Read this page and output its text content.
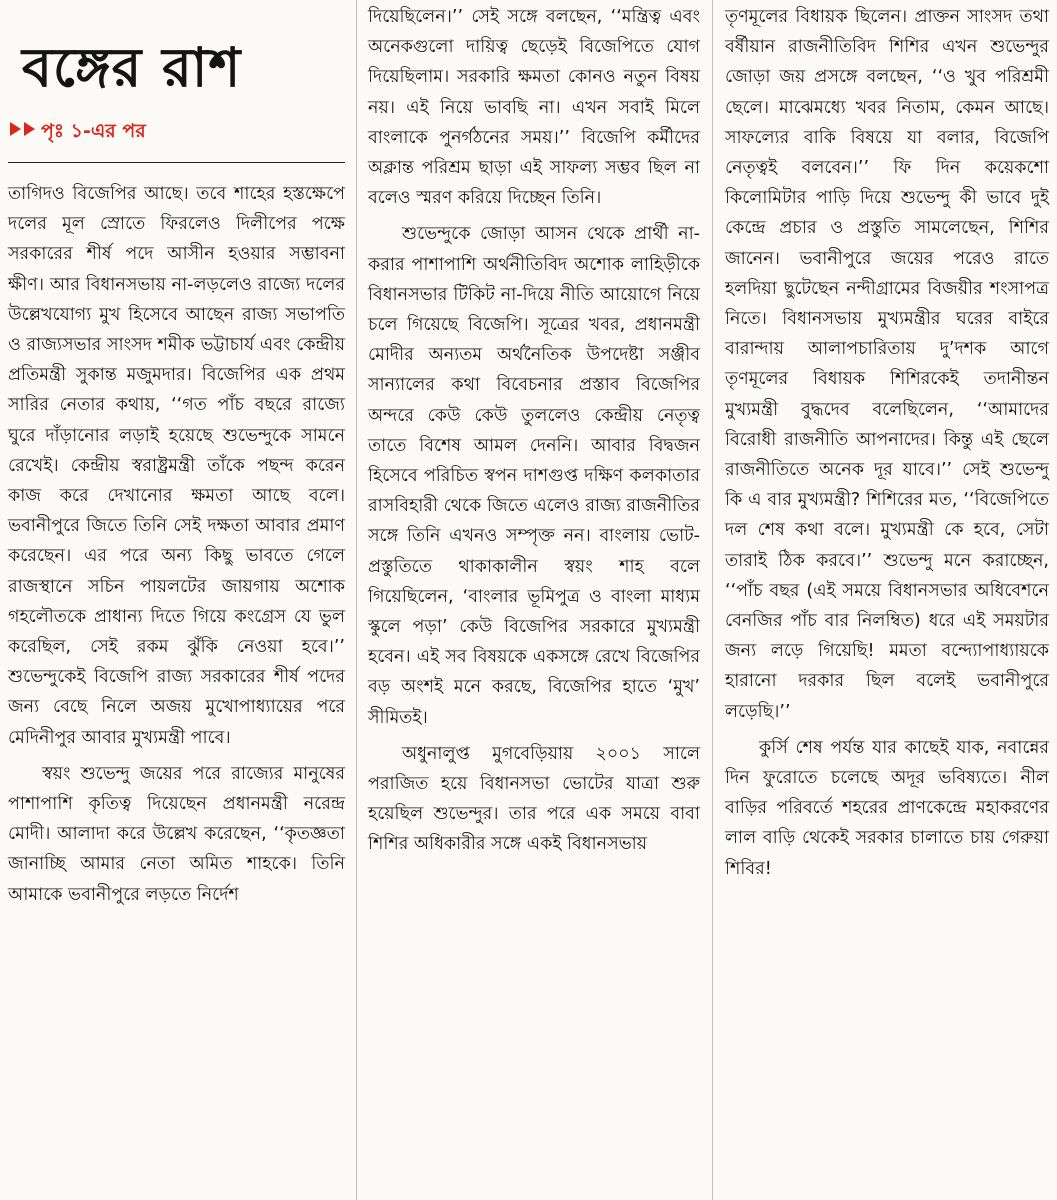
বঙ্গের রাশ
পৃঃ ১-এর পর

তাগিদও বিজেপির আছে। তবে শাহের হস্তক্ষেপে দলের মূল স্রোতে ফিরলেও দিলীপের পক্ষে সরকারের শীর্ষ পদে আসীন হওয়ার সম্ভাবনা ক্ষীণ। আর বিধানসভায় না-লড়লেও রাজ্যে দলের উল্লেখযোগ্য মুখ হিসেবে আছেন রাজ্য সভাপতি ও রাজ্যসভার সাংসদ শমীক ভট্টাচার্য এবং কেন্দ্রীয় প্রতিমন্ত্রী সুকান্ত মজুমদার। বিজেপির এক প্রথম সারির নেতার কথায়, ‘‘গত পাঁচ বছরে রাজ্যে ঘুরে দাঁড়ানোর লড়াই হয়েছে শুভেন্দুকে সামনে রেখেই। কেন্দ্রীয় স্বরাষ্ট্রমন্ত্রী তাঁকে পছন্দ করেন কাজ করে দেখানোর ক্ষমতা আছে বলে। ভবানীপুরে জিতে তিনি সেই দক্ষতা আবার প্রমাণ করেছেন। এর পরে অন্য কিছু ভাবতে গেলে রাজস্থানে সচিন পায়লটের জায়গায় অশোক গহলৌতকে প্রাধান্য দিতে গিয়ে কংগ্রেস যে ভুল করেছিল, সেই রকম ঝুঁকি নেওয়া হবে।’’ শুভেন্দুকেই বিজেপি রাজ্য সরকারের শীর্ষ পদের জন্য বেছে নিলে অজয় মুখোপাধ্যায়ের পরে মেদিনীপুর আবার মুখ্যমন্ত্রী পাবে।

স্বয়ং শুভেন্দু জয়ের পরে রাজ্যের মানুষের পাশাপাশি কৃতিত্ব দিয়েছেন প্রধানমন্ত্রী নরেন্দ্র মোদী। আলাদা করে উল্লেখ করেছেন, ‘‘কৃতজ্ঞতা জানাচ্ছি আমার নেতা অমিত শাহকে। তিনি আমাকে ভবানীপুরে লড়তে নির্দেশ

দিয়েছিলেন।’’ সেই সঙ্গে বলছেন, ‘‘মন্ত্রিত্ব এবং অনেকগুলো দায়িত্ব ছেড়েই বিজেপিতে যোগ দিয়েছিলাম। সরকারি ক্ষমতা কোনও নতুন বিষয় নয়। এই নিয়ে ভাবছি না। এখন সবাই মিলে বাংলাকে পুনর্গঠনের সময়।’’ বিজেপি কর্মীদের অক্লান্ত পরিশ্রম ছাড়া এই সাফল্য সম্ভব ছিল না বলেও স্মরণ করিয়ে দিচ্ছেন তিনি।

শুভেন্দুকে জোড়া আসন থেকে প্রার্থী না-করার পাশাপাশি অর্থনীতিবিদ অশোক লাহিড়ীকে বিধানসভার টিকিট না-দিয়ে নীতি আয়োগে নিয়ে চলে গিয়েছে বিজেপি। সূত্রের খবর, প্রধানমন্ত্রী মোদীর অন্যতম অর্থনৈতিক উপদেষ্টা সঞ্জীব সান্যালের কথা বিবেচনার প্রস্তাব বিজেপির অন্দরে কেউ কেউ তুললেও কেন্দ্রীয় নেতৃত্ব তাতে বিশেষ আমল দেননি। আবার বিদ্বজন হিসেবে পরিচিত স্বপন দাশগুপ্ত দক্ষিণ কলকাতার রাসবিহারী থেকে জিতে এলেও রাজ্য রাজনীতির সঙ্গে তিনি এখনও সম্পৃক্ত নন। বাংলায় ভোট-প্রস্তুতিতে থাকাকালীন স্বয়ং শাহ বলে গিয়েছিলেন, ‘বাংলার ভূমিপুত্র ও বাংলা মাধ্যম স্কুলে পড়া’ কেউ বিজেপির সরকারে মুখ্যমন্ত্রী হবেন। এই সব বিষয়কে একসঙ্গে রেখে বিজেপির বড় অংশই মনে করছে, বিজেপির হাতে ‘মুখ’ সীমিতই।

অধুনালুপ্ত মুগবেড়িয়ায় ২০০১ সালে পরাজিত হয়ে বিধানসভা ভোটের যাত্রা শুরু হয়েছিল শুভেন্দুর। তার পরে এক সময়ে বাবা শিশির অধিকারীর সঙ্গে একই বিধানসভায়

তৃণমূলের বিধায়ক ছিলেন। প্রাক্তন সাংসদ তথা বর্ষীয়ান রাজনীতিবিদ শিশির এখন শুভেন্দুর জোড়া জয় প্রসঙ্গে বলছেন, ‘‘ও খুব পরিশ্রমী ছেলে। মাঝেমধ্যে খবর নিতাম, কেমন আছে। সাফল্যের বাকি বিষয়ে যা বলার, বিজেপি নেতৃত্বই বলবেন।’’ ফি দিন কয়েকশো কিলোমিটার পাড়ি দিয়ে শুভেন্দু কী ভাবে দুই কেন্দ্রে প্রচার ও প্রস্তুতি সামলেছেন, শিশির জানেন। ভবানীপুরে জয়ের পরেও রাতে হলদিয়া ছুটেছেন নন্দীগ্রামের বিজয়ীর শংসাপত্র নিতে। বিধানসভায় মুখ্যমন্ত্রীর ঘরের বাইরে বারান্দায় আলাপচারিতায় দু’দশক আগে তৃণমূলের বিধায়ক শিশিরকেই তদানীন্তন মুখ্যমন্ত্রী বুদ্ধদেব বলেছিলেন, ‘‘আমাদের বিরোধী রাজনীতি আপনাদের। কিন্তু এই ছেলে রাজনীতিতে অনেক দূর যাবে।’’ সেই শুভেন্দু কি এ বার মুখ্যমন্ত্রী? শিশিরের মত, ‘‘বিজেপিতে দল শেষ কথা বলে। মুখ্যমন্ত্রী কে হবে, সেটা তারাই ঠিক করবে।’’ শুভেন্দু মনে করাচ্ছেন, ‘‘পাঁচ বছর (এই সময়ে বিধানসভার অধিবেশনে বেনজির পাঁচ বার নিলম্বিত) ধরে এই সময়টার জন্য লড়ে গিয়েছি! মমতা বন্দ্যোপাধ্যায়কে হারানো দরকার ছিল বলেই ভবানীপুরে লড়েছি।’’

কুর্সি শেষ পর্যন্ত যার কাছেই যাক, নবান্নের দিন ফুরোতে চলেছে অদূর ভবিষ্যতে। নীল বাড়ির পরিবর্তে শহরের প্রাণকেন্দ্রে মহাকরণের লাল বাড়ি থেকেই সরকার চালাতে চায় গেরুয়া শিবির!
